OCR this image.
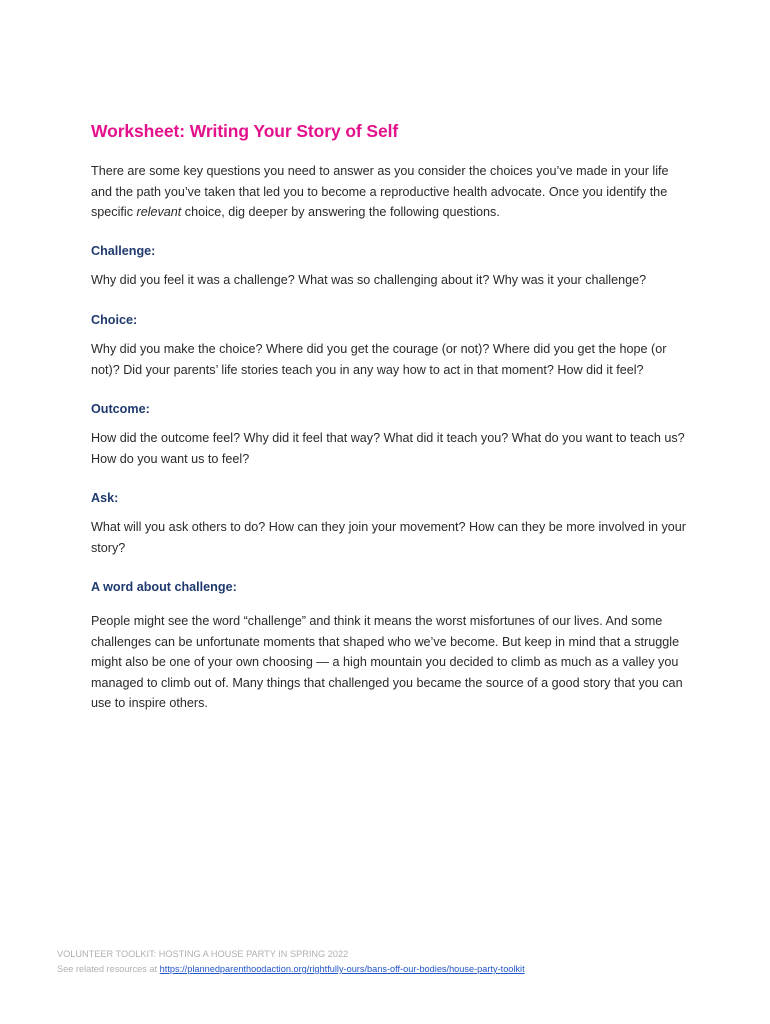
Worksheet: Writing Your Story of Self

There are some key questions you need to answer as you consider the choices you’ve made in your life and the path you’ve taken that led you to become a reproductive health advocate. Once you identify the specific relevant choice, dig deeper by answering the following questions.

Challenge:

Why did you feel it was a challenge? What was so challenging about it? Why was it your challenge?

Choice:

Why did you make the choice? Where did you get the courage (or not)? Where did you get the hope (or not)? Did your parents’ life stories teach you in any way how to act in that moment? How did it feel?

Outcome:

How did the outcome feel? Why did it feel that way? What did it teach you? What do you want to teach us? How do you want us to feel?

Ask:

What will you ask others to do? How can they join your movement? How can they be more involved in your story?

A word about challenge:

People might see the word “challenge” and think it means the worst misfortunes of our lives. And some challenges can be unfortunate moments that shaped who we’ve become. But keep in mind that a struggle might also be one of your own choosing — a high mountain you decided to climb as much as a valley you managed to climb out of. Many things that challenged you became the source of a good story that you can use to inspire others.

VOLUNTEER TOOLKIT: HOSTING A HOUSE PARTY IN SPRING 2022
See related resources at https://plannedparenthoodaction.org/rightfully-ours/bans-off-our-bodies/house-party-toolkit
